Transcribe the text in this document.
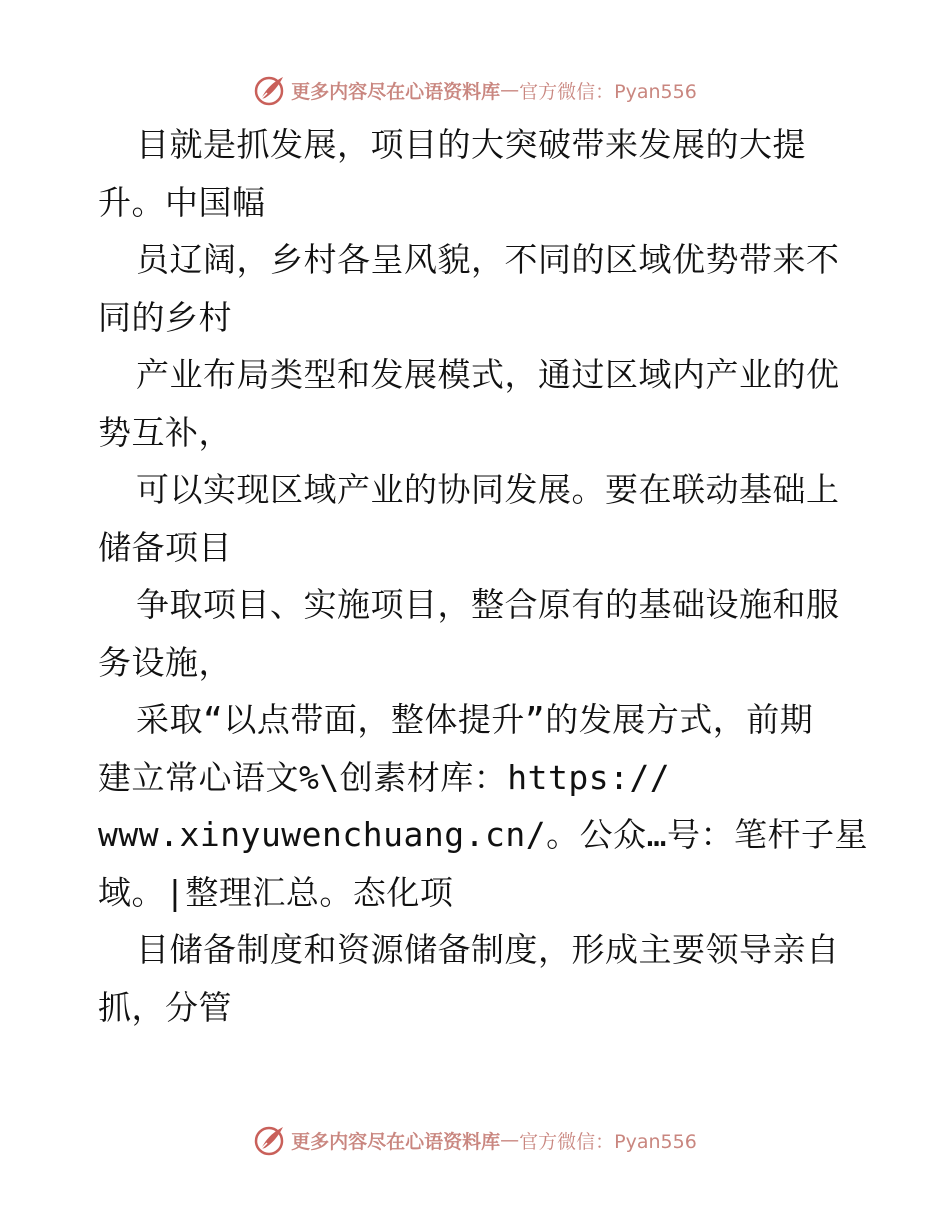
更多内容尽在心语资料库 — 官方微信：Pyan556
目就是抓发展，项目的大突破带来发展的大提
升。中国幅
员辽阔，乡村各呈风貌，不同的区域优势带来不
同的乡村
产业布局类型和发展模式，通过区域内产业的优
势互补，
可以实现区域产业的协同发展。要在联动基础上
储备项目
争取项目、实施项目，整合原有的基础设施和服
务设施，
采取“以点带面，整体提升”的发展方式，前期
建立常心语文%\创素材库：https://
www.xinyuwenchuang.cn/。公众…号：笔杆子星
域。|整理汇总。态化项
目储备制度和资源储备制度，形成主要领导亲自
抓，分管
更多内容尽在心语资料库 — 官方微信：Pyan556
